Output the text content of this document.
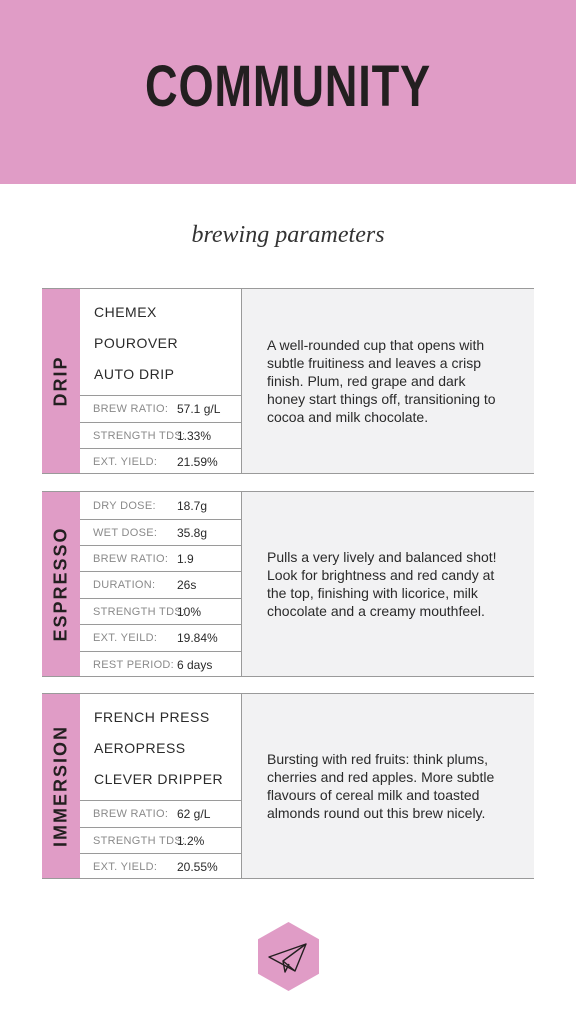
COMMUNITY
brewing parameters
DRIP
CHEMEX
POUROVER
AUTO DRIP
BREW RATIO: 57.1 g/L
STRENGTH TDS:
1.33%
EXT. YIELD: 21.59%

A well-rounded cup that opens with subtle fruitiness and leaves a crisp finish. Plum, red grape and dark honey start things off, transitioning to cocoa and milk chocolate.

ESPRESSO
DRY DOSE: 18.7g
WET DOSE: 35.8g
BREW RATIO: 1.9
DURATION: 26s
STRENGTH TDS:
10%
EXT. YEILD: 19.84%
REST PERIOD: 6 days

Pulls a very lively and balanced shot! Look for brightness and red candy at the top, finishing with licorice, milk chocolate and a creamy mouthfeel.

IMMERSION
FRENCH PRESS
AEROPRESS
CLEVER DRIPPER
BREW RATIO: 62 g/L
STRENGTH TDS:
1.2%
EXT. YIELD: 20.55%

Bursting with red fruits: think plums, cherries and red apples. More subtle flavours of cereal milk and toasted almonds round out this brew nicely.
